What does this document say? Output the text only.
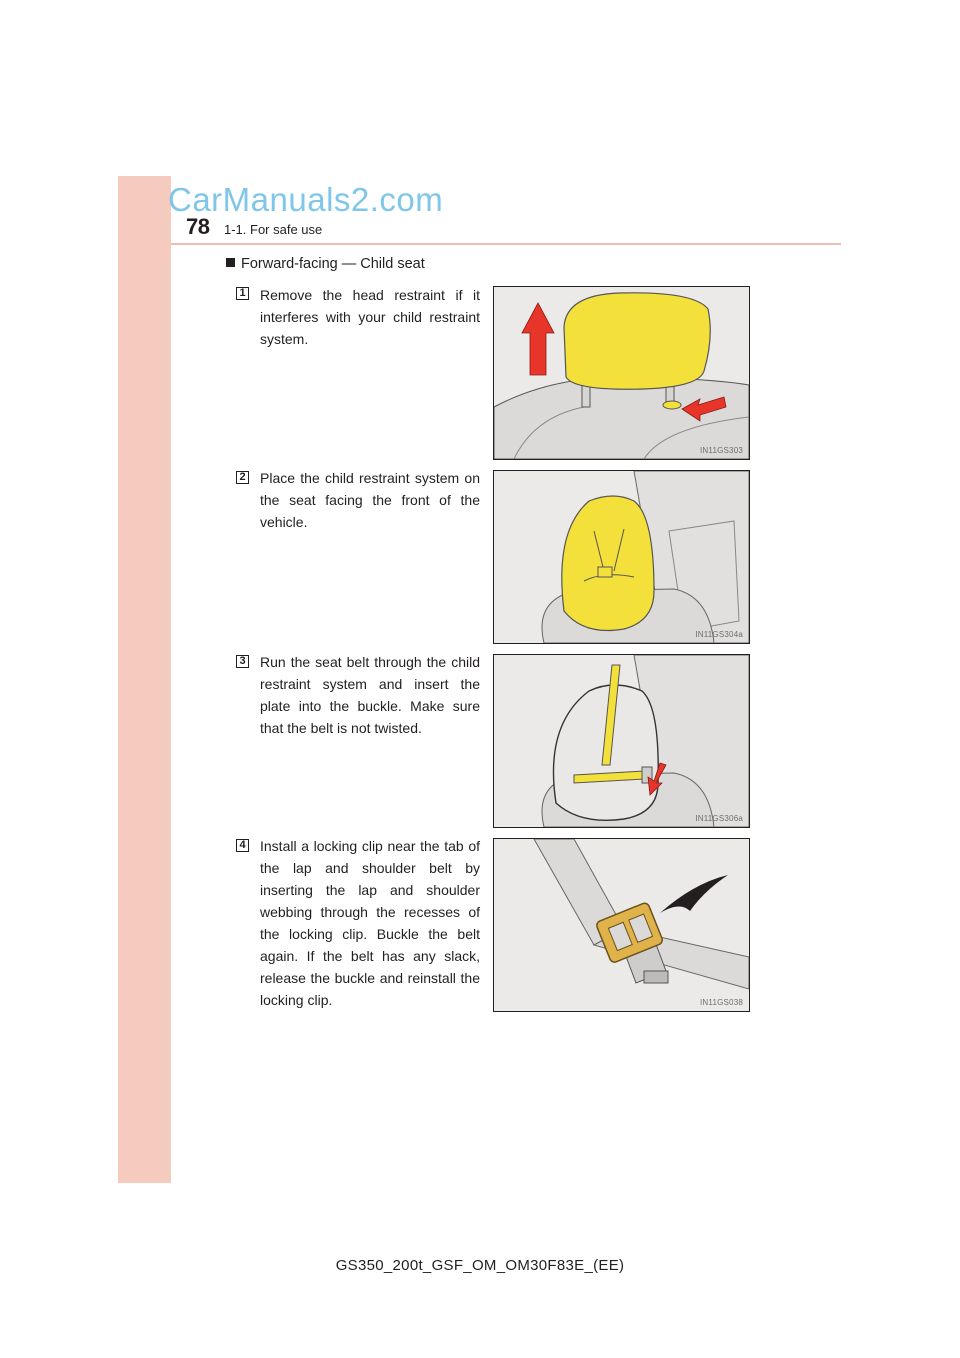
78 1-1. For safe use
CarManuals2.com
Forward-facing — Child seat
1 Remove the head restraint if it interferes with your child restraint system.
IN11GS303
2 Place the child restraint system on the seat facing the front of the vehicle.
IN11GS304a
3 Run the seat belt through the child restraint system and insert the plate into the buckle. Make sure that the belt is not twisted.
IN11GS306a
4 Install a locking clip near the tab of the lap and shoulder belt by inserting the lap and shoulder webbing through the recesses of the locking clip. Buckle the belt again. If the belt has any slack, release the buckle and reinstall the locking clip.	IN11GS038
GS350_200t_GSF_OM_OM30F83E_(EE)
